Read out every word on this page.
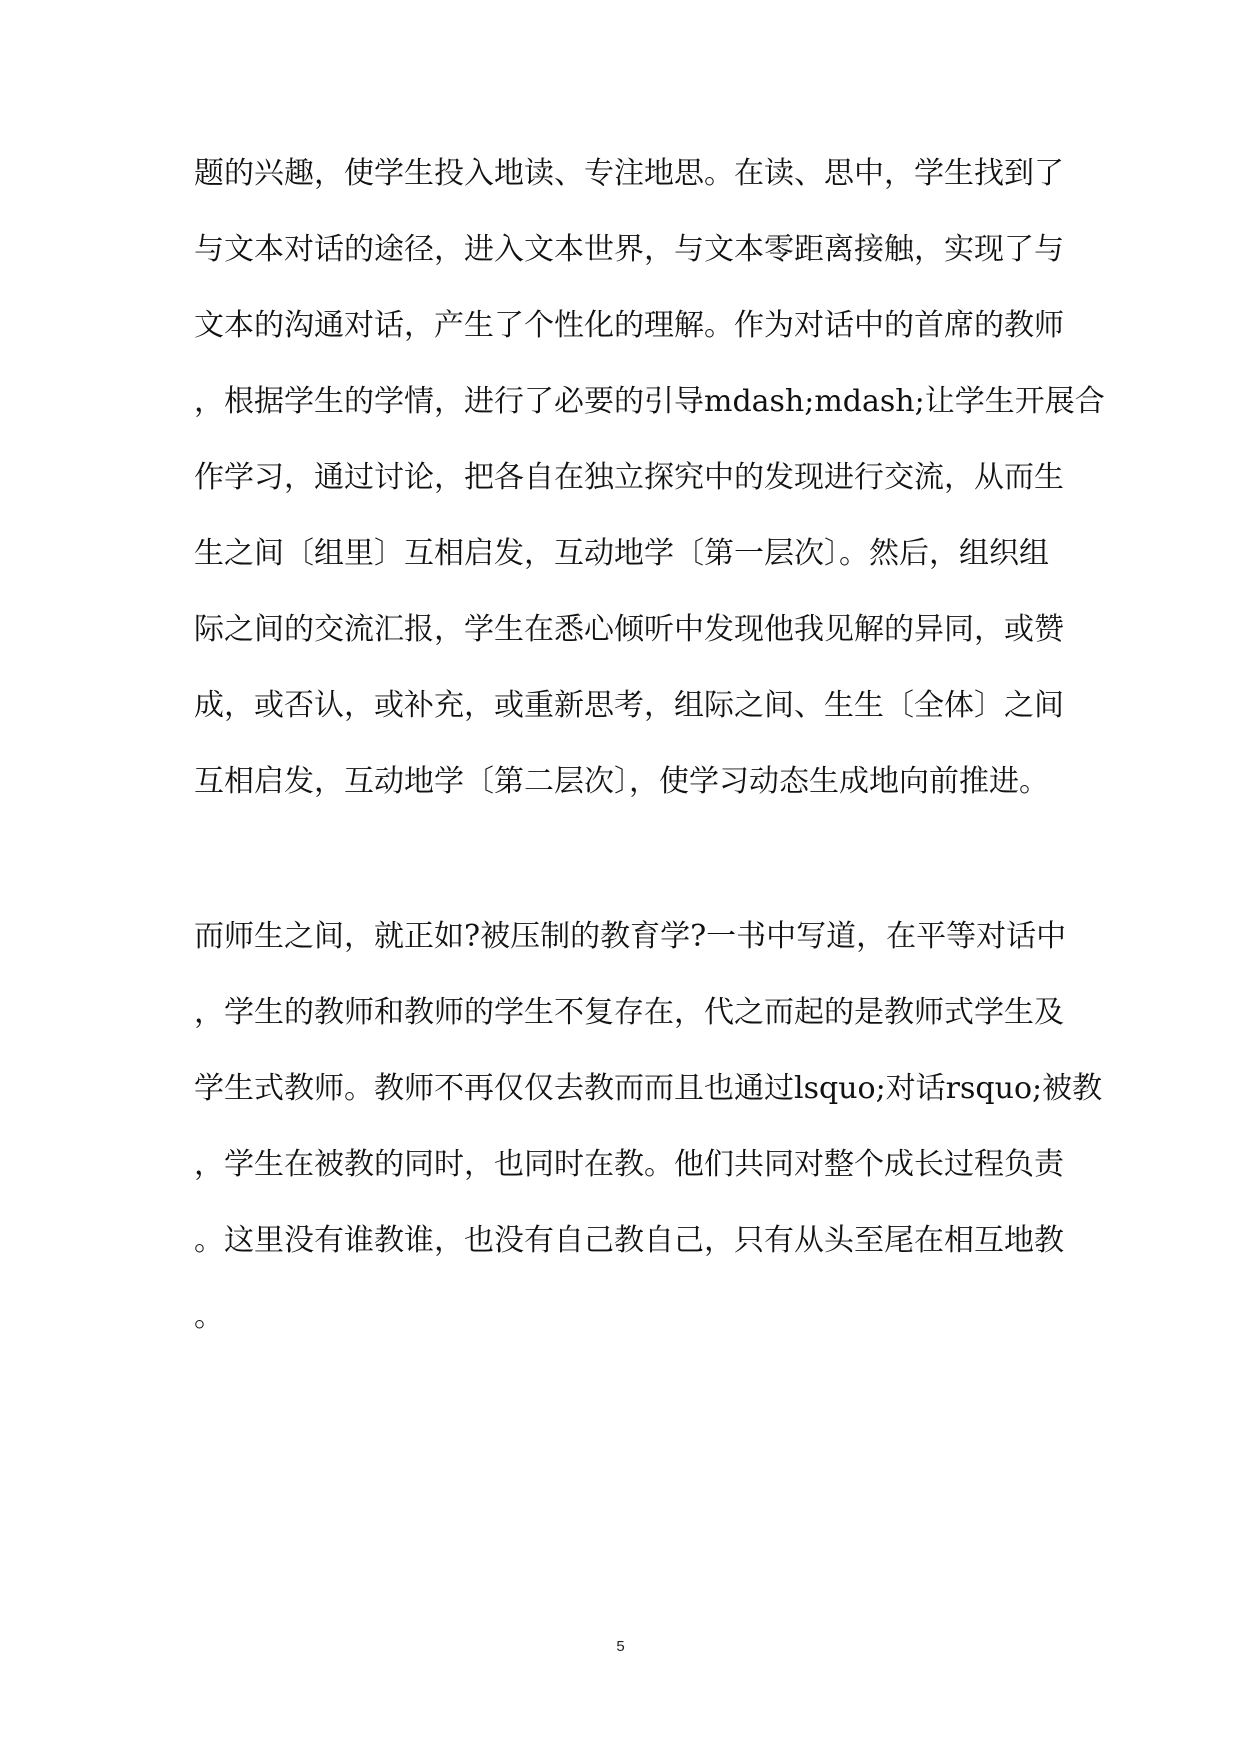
题的兴趣，使学生投入地读、专注地思。在读、思中，学生找到了
与文本对话的途径，进入文本世界，与文本零距离接触，实现了与
文本的沟通对话，产生了个性化的理解。作为对话中的首席的教师
，根据学生的学情，进行了必要的引导mdash;mdash;让学生开展合
作学习，通过讨论，把各自在独立探究中的发现进行交流，从而生
生之间〔组里〕互相启发，互动地学〔第一层次〕。然后，组织组
际之间的交流汇报，学生在悉心倾听中发现他我见解的异同，或赞
成，或否认，或补充，或重新思考，组际之间、生生〔全体〕之间
互相启发，互动地学〔第二层次〕，使学习动态生成地向前推进。
而师生之间，就正如?被压制的教育学?一书中写道，在平等对话中
，学生的教师和教师的学生不复存在，代之而起的是教师式学生及
学生式教师。教师不再仅仅去教而而且也通过lsquo;对话rsquo;被教
，学生在被教的同时，也同时在教。他们共同对整个成长过程负责
。这里没有谁教谁，也没有自己教自己，只有从头至尾在相互地教
。
5
